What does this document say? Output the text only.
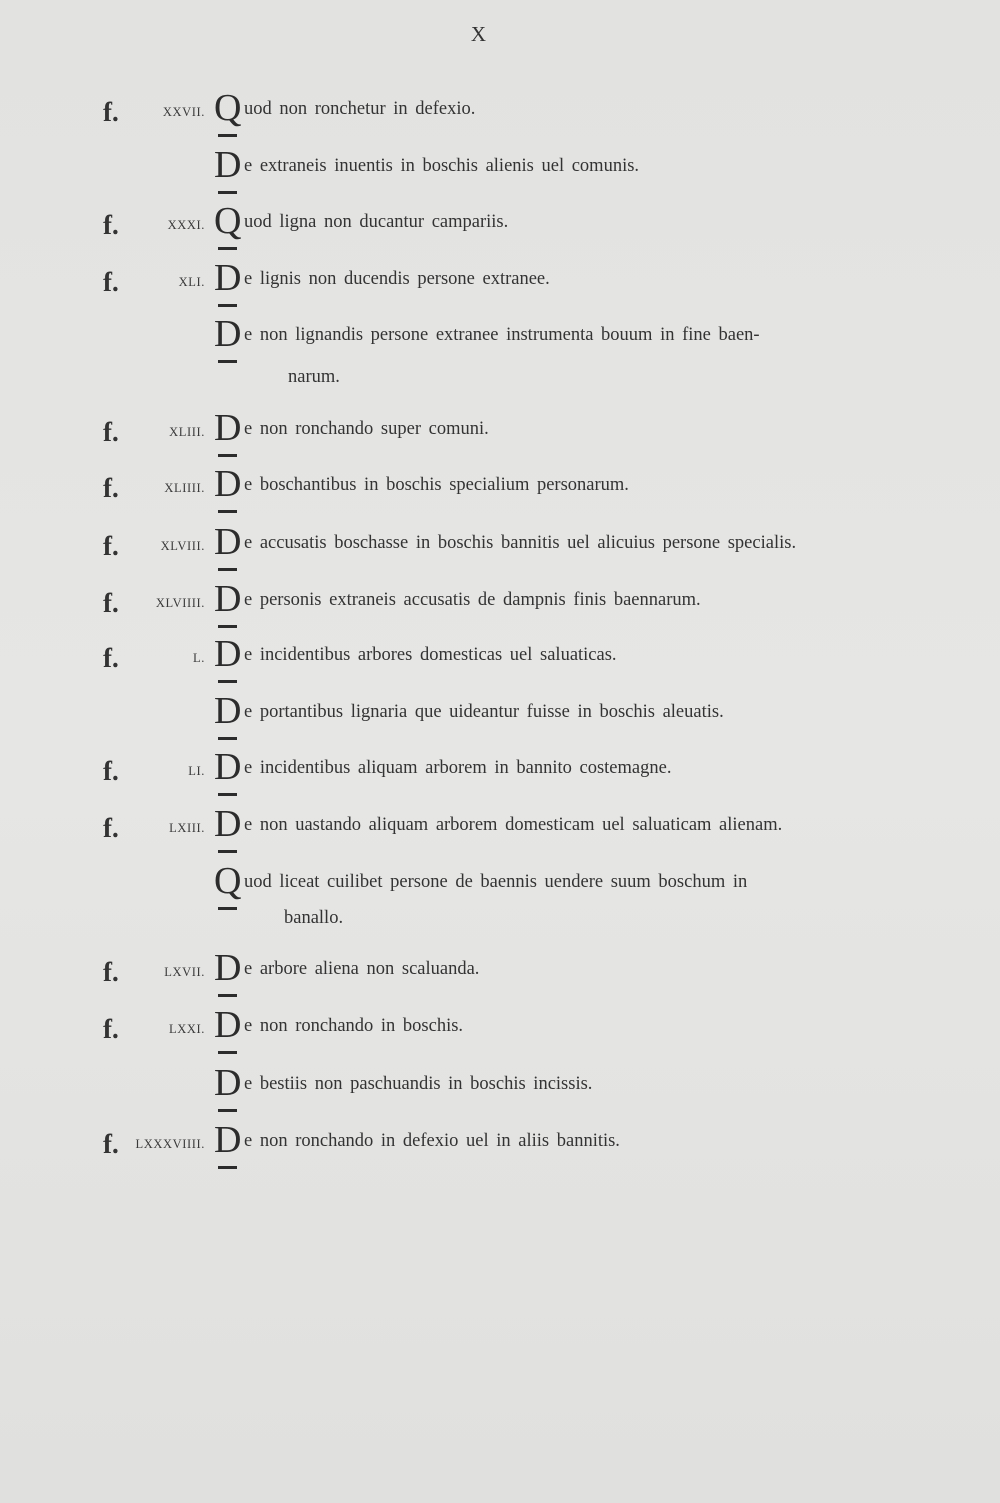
X
f.	XXVII. Q uod non ronchetur in defexio.
D e extraneis inuentis in boschis alienis uel comunis.
f.	XXXI. Q uod ligna non ducantur campariis.
f.	XLI. D e lignis non ducendis persone extranee.
D e non lignandis persone extranee instrumenta bouum in fine baen-
narum.
f.	XLIII. D e non ronchando super comuni.
f.	XLIIII. D e boschantibus in boschis specialium personarum.
f.	XLVIII. D e accusatis boschasse in boschis bannitis uel alicuius persone specialis.
f.	XLVIIII. D e personis extraneis accusatis de dampnis finis baennarum.
f.	L. D e incidentibus arbores domesticas uel saluaticas.
D e portantibus lignaria que uideantur fuisse in boschis aleuatis.
f.	LI. D e incidentibus aliquam arborem in bannito costemagne.
f.	LXIII. D e non uastando aliquam arborem domesticam uel saluaticam alienam.
Q uod liceat cuilibet persone de baennis uendere suum boschum in
banallo.
f.	LXVII. D e arbore aliena non scaluanda.
f.	LXXI. D e non ronchando in boschis.
D e bestiis non paschuandis in boschis incissis.
f. LXXXVIIII. D e non ronchando in defexio uel in aliis bannitis.
